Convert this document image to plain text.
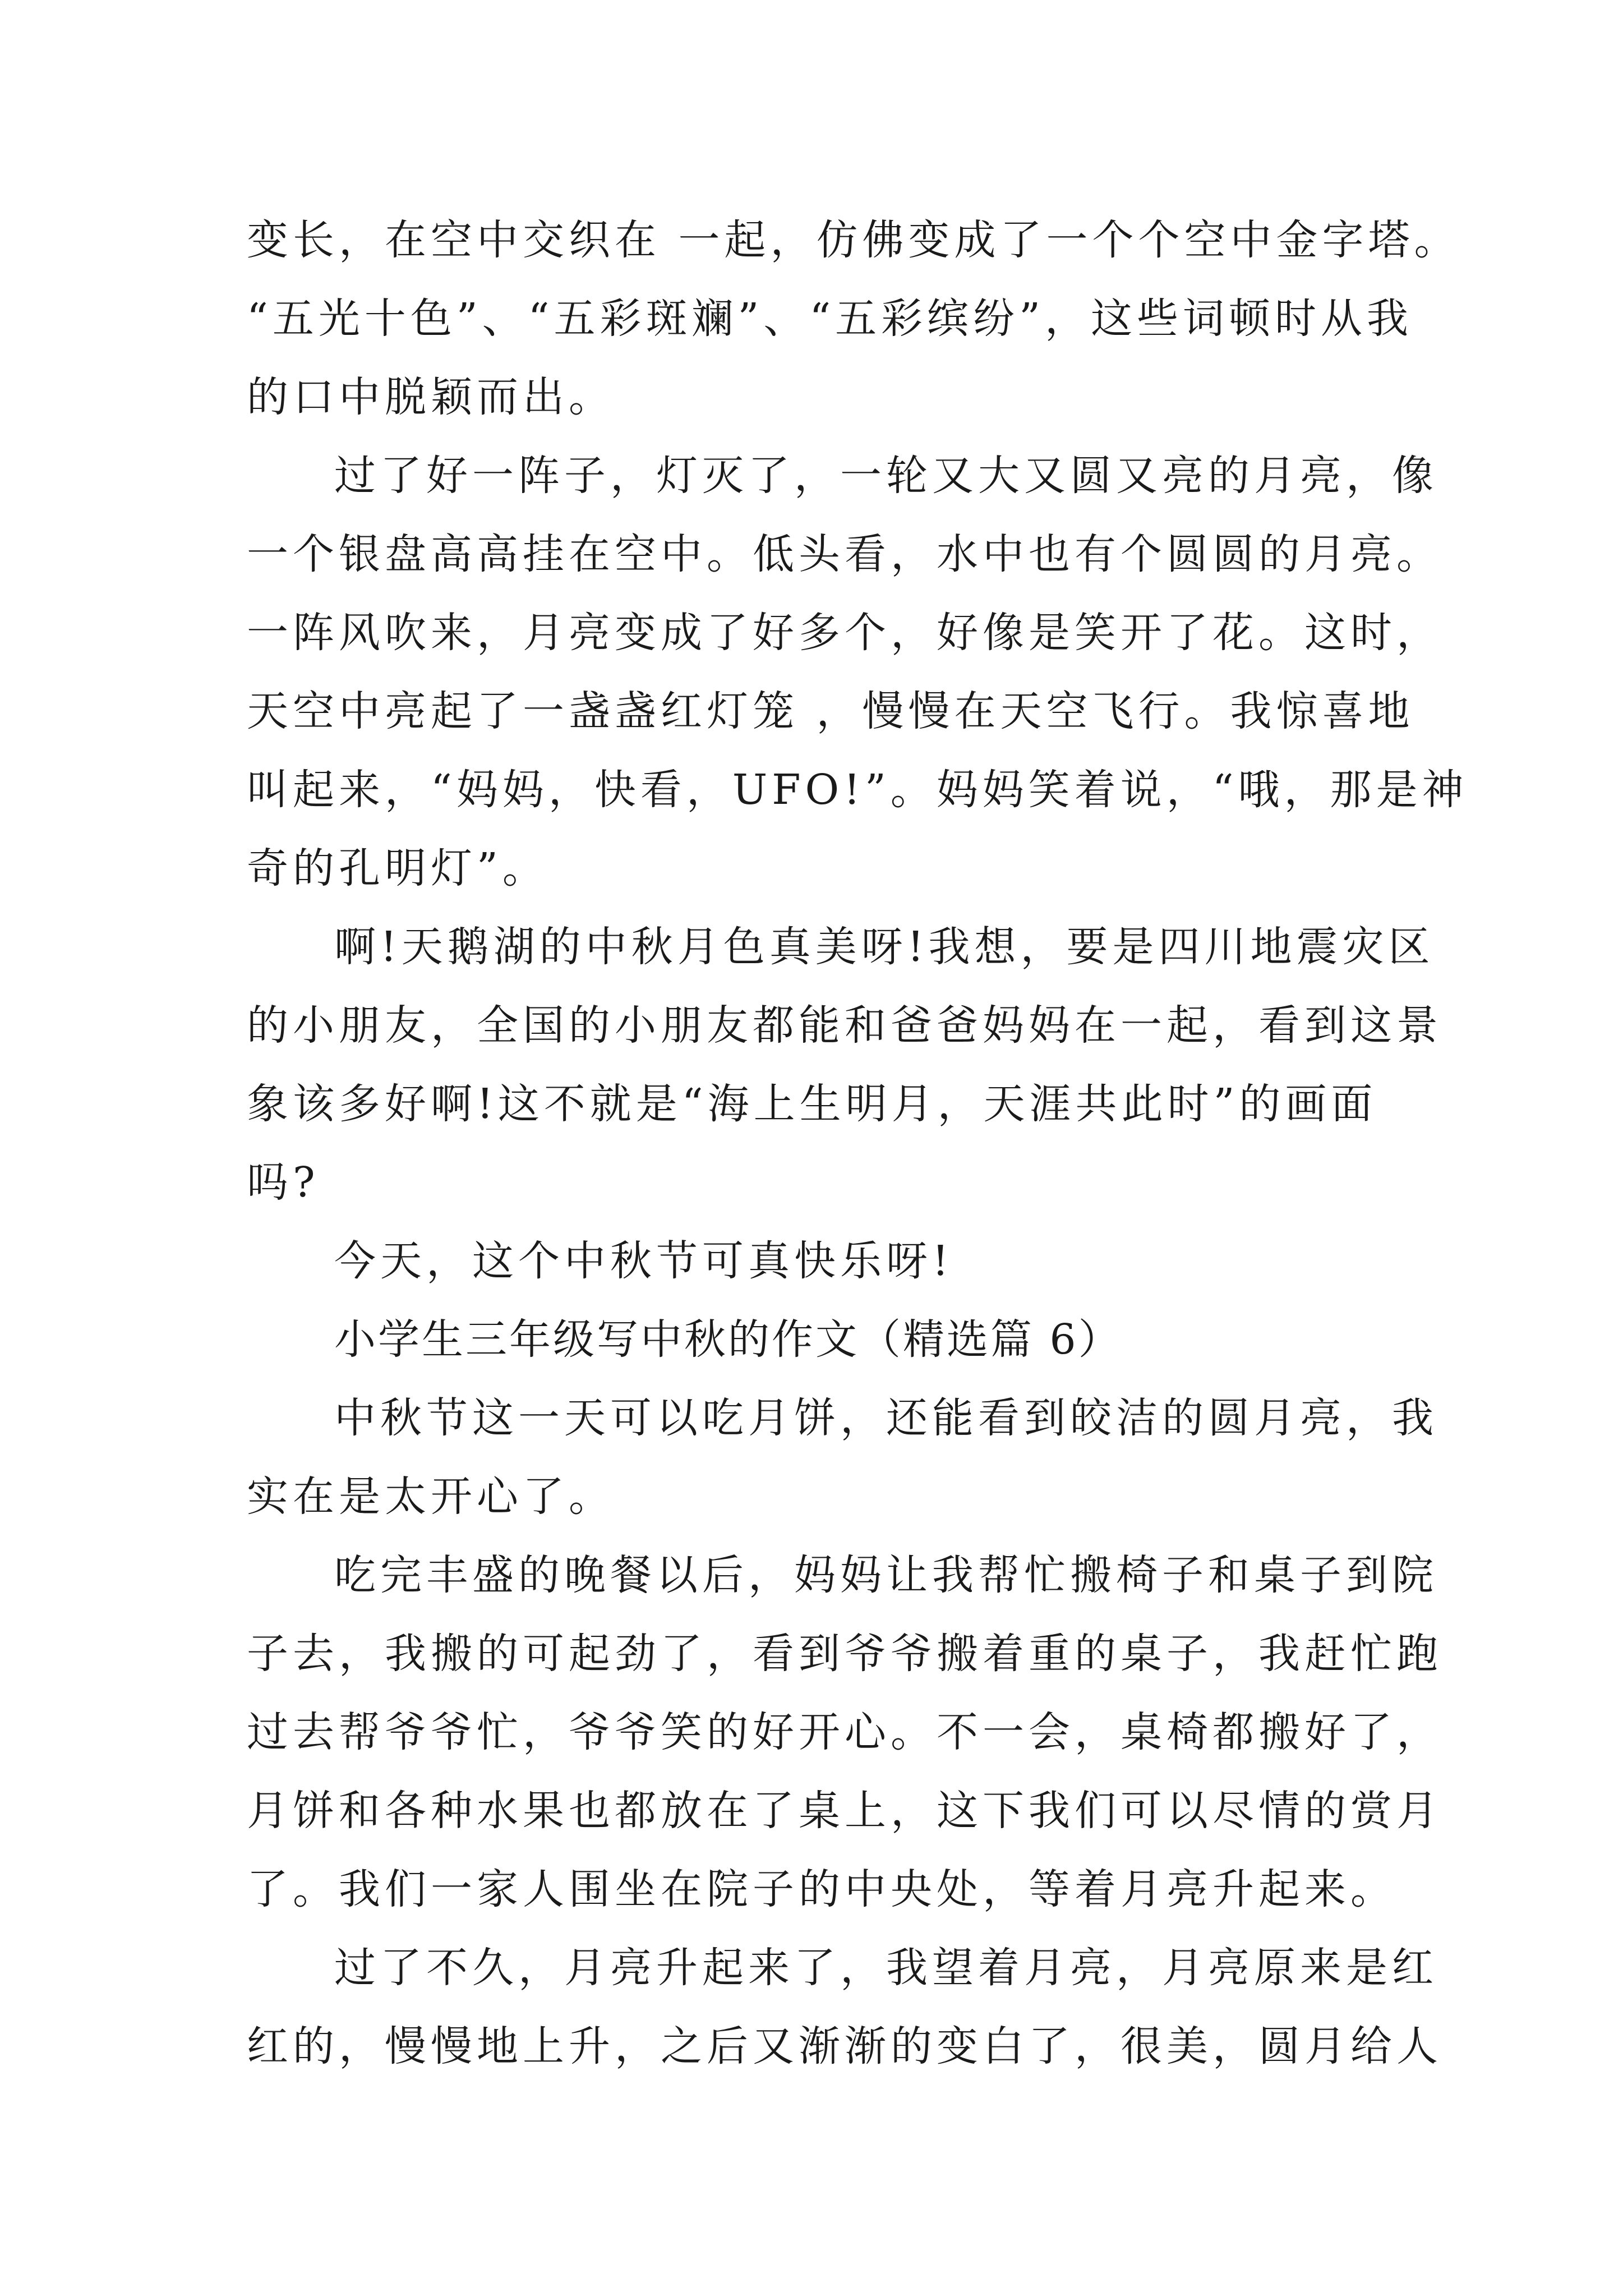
变长，在空中交织在 一起，仿佛变成了一个个空中金字塔。
“五光十色”、“五彩斑斓”、“五彩缤纷”，这些词顿时从我
的口中脱颖而出。
过了好一阵子，灯灭了，一轮又大又圆又亮的月亮，像
一个银盘高高挂在空中。低头看，水中也有个圆圆的月亮。
一阵风吹来，月亮变成了好多个，好像是笑开了花。这时，
天空中亮起了一盏盏红灯笼 ，慢慢在天空飞行。我惊喜地
叫起来，“妈妈，快看，UFO!”。妈妈笑着说，“哦，那是神
奇的孔明灯”。
啊!天鹅湖的中秋月色真美呀!我想，要是四川地震灾区
的小朋友，全国的小朋友都能和爸爸妈妈在一起，看到这景
象该多好啊!这不就是“海上生明月，天涯共此时”的画面
吗?
今天，这个中秋节可真快乐呀!
小学生三年级写中秋的作文（精选篇 6）
中秋节这一天可以吃月饼，还能看到皎洁的圆月亮，我
实在是太开心了。
吃完丰盛的晚餐以后，妈妈让我帮忙搬椅子和桌子到院
子去，我搬的可起劲了，看到爷爷搬着重的桌子，我赶忙跑
过去帮爷爷忙，爷爷笑的好开心。不一会，桌椅都搬好了，
月饼和各种水果也都放在了桌上，这下我们可以尽情的赏月
了。我们一家人围坐在院子的中央处，等着月亮升起来。
过了不久，月亮升起来了，我望着月亮，月亮原来是红
红的，慢慢地上升，之后又渐渐的变白了，很美，圆月给人
